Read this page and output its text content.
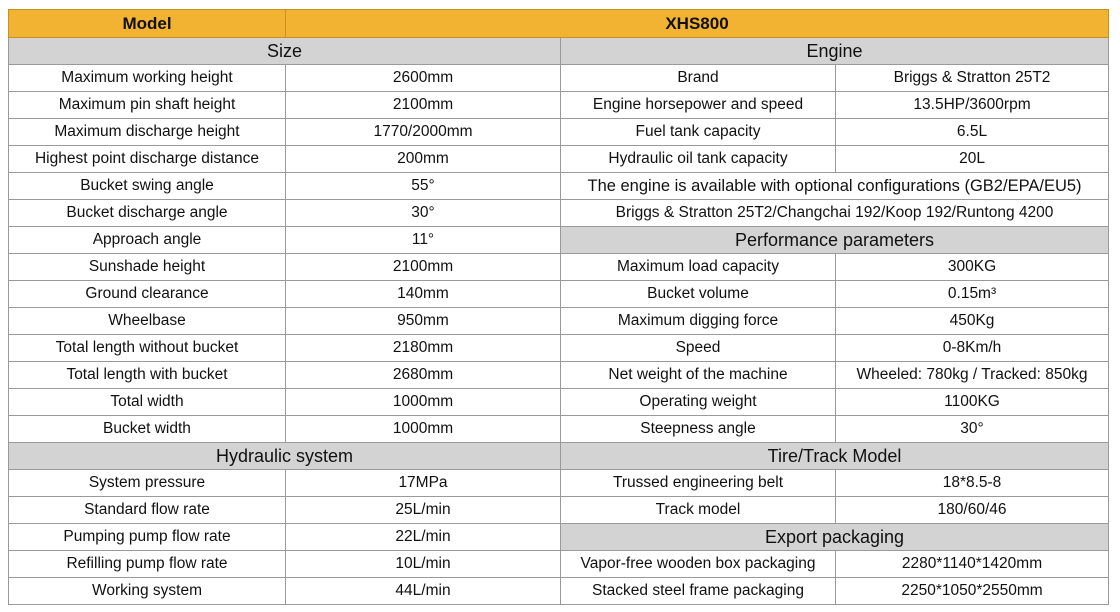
Model	XHS800		
Size		Engine	
Maximum working height	2600mm	Brand	Briggs & Stratton 25T2
Maximum pin shaft height	2100mm	Engine horsepower and speed	13.5HP/3600rpm
Maximum discharge height	1770/2000mm	Fuel tank capacity	6.5L
Highest point discharge distance	200mm	Hydraulic oil tank capacity	20L
Bucket swing angle	55°	The engine is available with optional configurations (GB2/EPA/EU5)	
Bucket discharge angle	30°	Briggs & Stratton 25T2/Changchai 192/Koop 192/Runtong 4200	
Approach angle	11°	Performance parameters	
Sunshade height	2100mm	Maximum load capacity	300KG
Ground clearance	140mm	Bucket volume	0.15m³
Wheelbase	950mm	Maximum digging force	450Kg
Total length without bucket	2180mm	Speed	0-8Km/h
Total length with bucket	2680mm	Net weight of the machine	Wheeled: 780kg / Tracked: 850kg
Total width	1000mm	Operating weight	1100KG
Bucket width	1000mm	Steepness angle	30°
Hydraulic system		Tire/Track Model	
System pressure	17MPa	Trussed engineering belt	18*8.5-8
Standard flow rate	25L/min	Track model	180/60/46
Pumping pump flow rate	22L/min	Export packaging	
Refilling pump flow rate	10L/min	Vapor-free wooden box packaging	2280*1140*1420mm
Working system	44L/min	Stacked steel frame packaging	2250*1050*2550mm
